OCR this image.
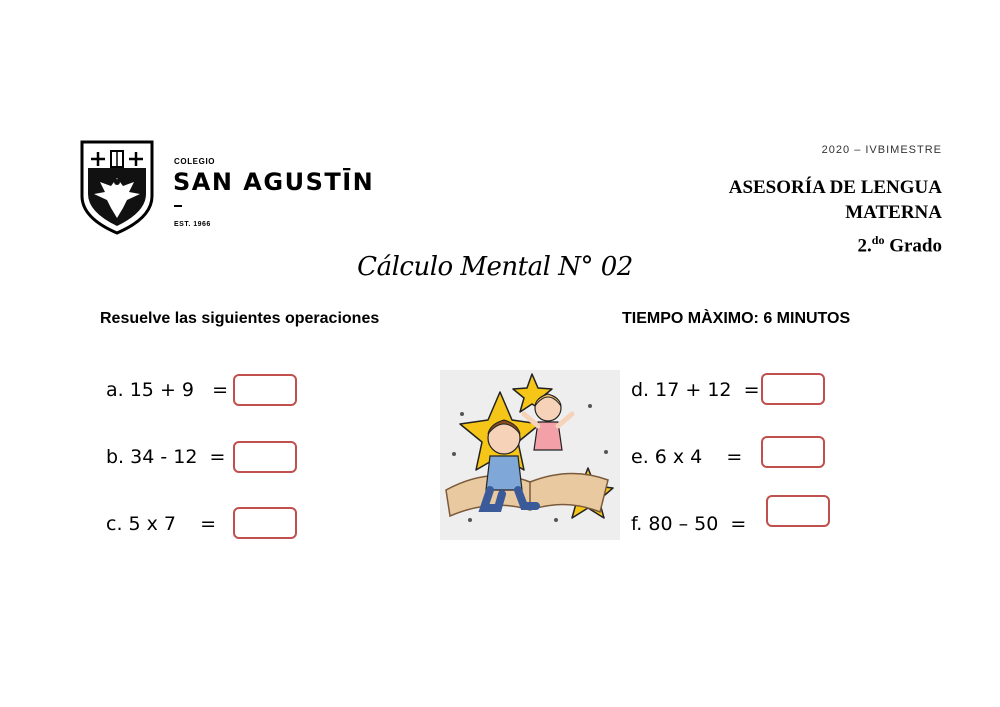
COLEGIO
SAN AGUSTĪN
EST. 1966
2020 – IVBIMESTRE
ASESORÍA DE LENGUA
MATERNA
2.$^{do}$ Grado
Cálculo Mental N° 02
Resuelve las siguientes operaciones	TIEMPO MÀXIMO: 6 MINUTOS
a. 15 + 9   =
b. 34 - 12  =
c. 5 x 7    =
d. 17 + 12  =
e. 6 x 4    =
f. 80 – 50  =
